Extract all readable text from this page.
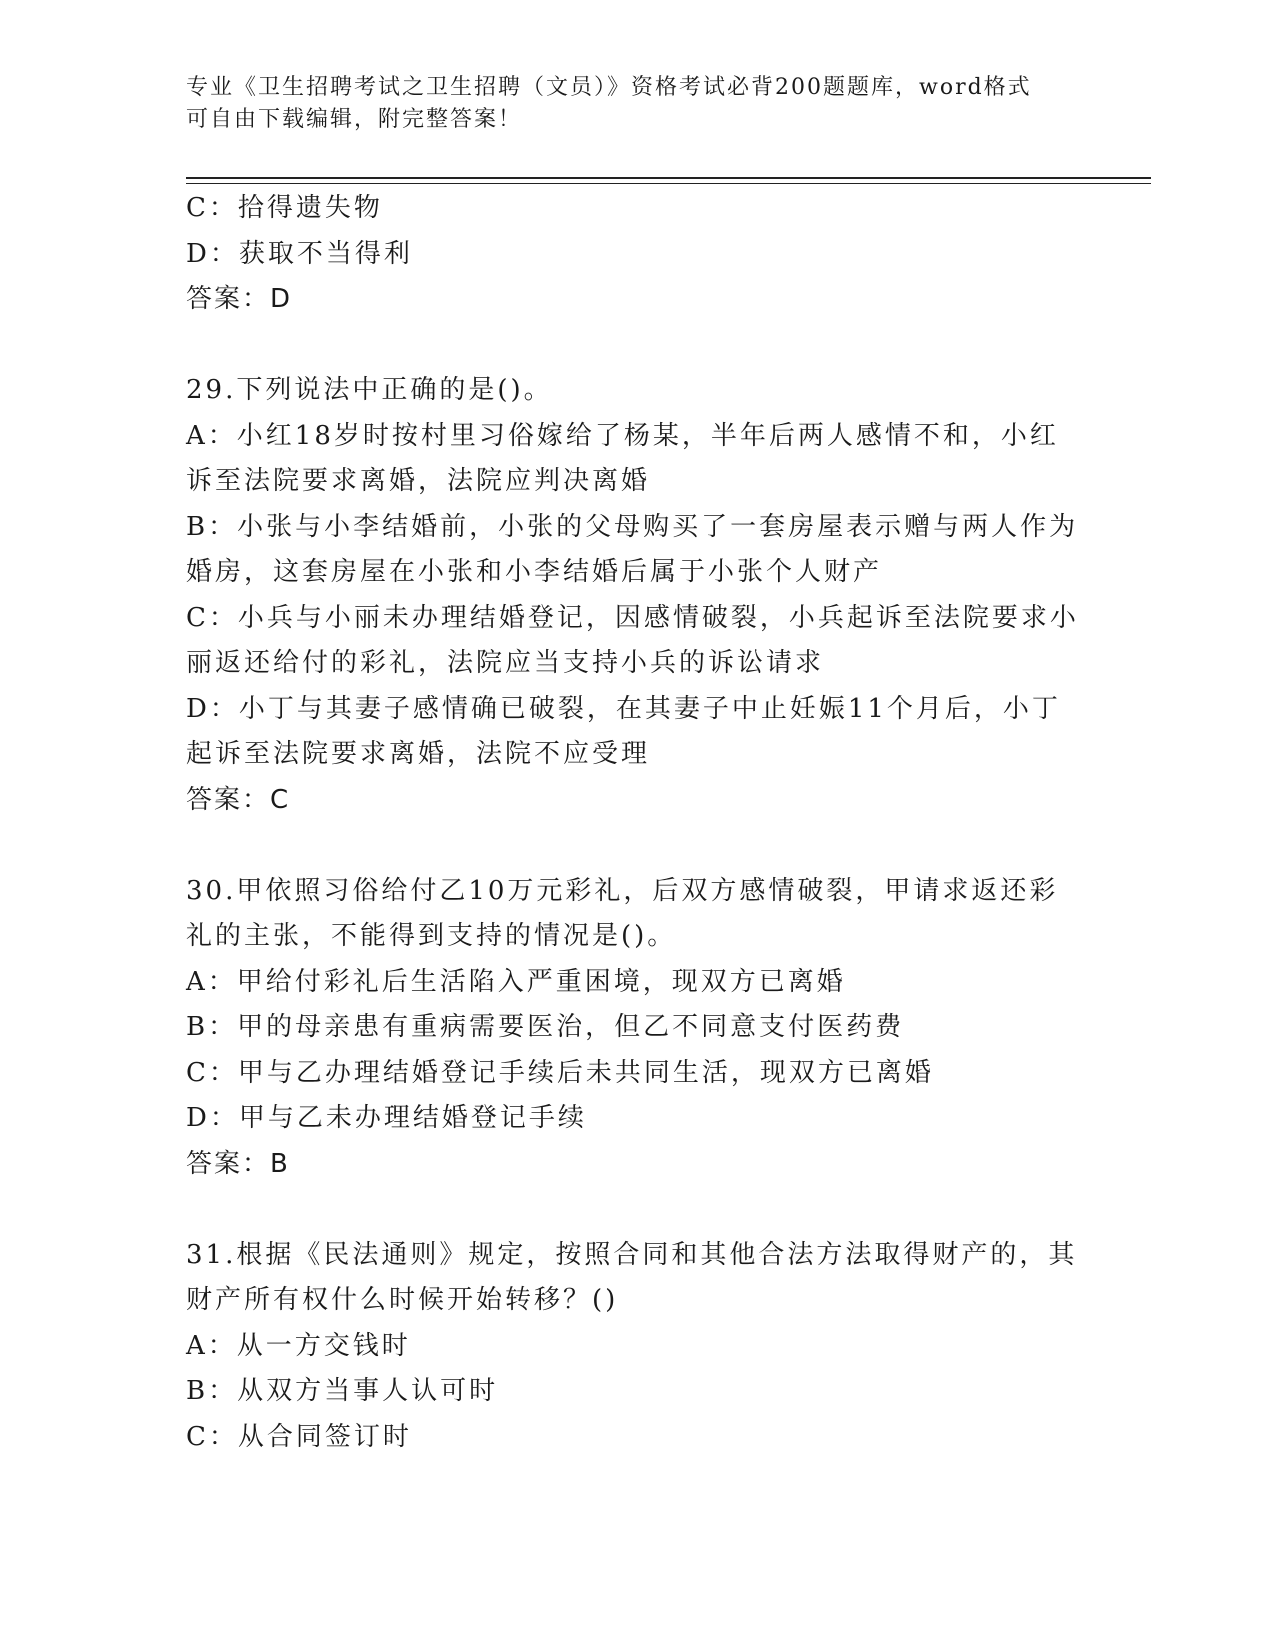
专业《卫生招聘考试之卫生招聘（文员）》资格考试必背200题题库，word格式
可自由下载编辑，附完整答案！
C：拾得遗失物
D：获取不当得利
答案：D
29.下列说法中正确的是()。
A：小红18岁时按村里习俗嫁给了杨某，半年后两人感情不和，小红
诉至法院要求离婚，法院应判决离婚
B：小张与小李结婚前，小张的父母购买了一套房屋表示赠与两人作为
婚房，这套房屋在小张和小李结婚后属于小张个人财产
C：小兵与小丽未办理结婚登记，因感情破裂，小兵起诉至法院要求小
丽返还给付的彩礼，法院应当支持小兵的诉讼请求
D：小丁与其妻子感情确已破裂，在其妻子中止妊娠11个月后，小丁
起诉至法院要求离婚，法院不应受理
答案：C
30.甲依照习俗给付乙10万元彩礼，后双方感情破裂，甲请求返还彩
礼的主张，不能得到支持的情况是()。
A：甲给付彩礼后生活陷入严重困境，现双方已离婚
B：甲的母亲患有重病需要医治，但乙不同意支付医药费
C：甲与乙办理结婚登记手续后未共同生活，现双方已离婚
D：甲与乙未办理结婚登记手续
答案：B
31.根据《民法通则》规定，按照合同和其他合法方法取得财产的，其
财产所有权什么时候开始转移？()
A：从一方交钱时
B：从双方当事人认可时
C：从合同签订时
